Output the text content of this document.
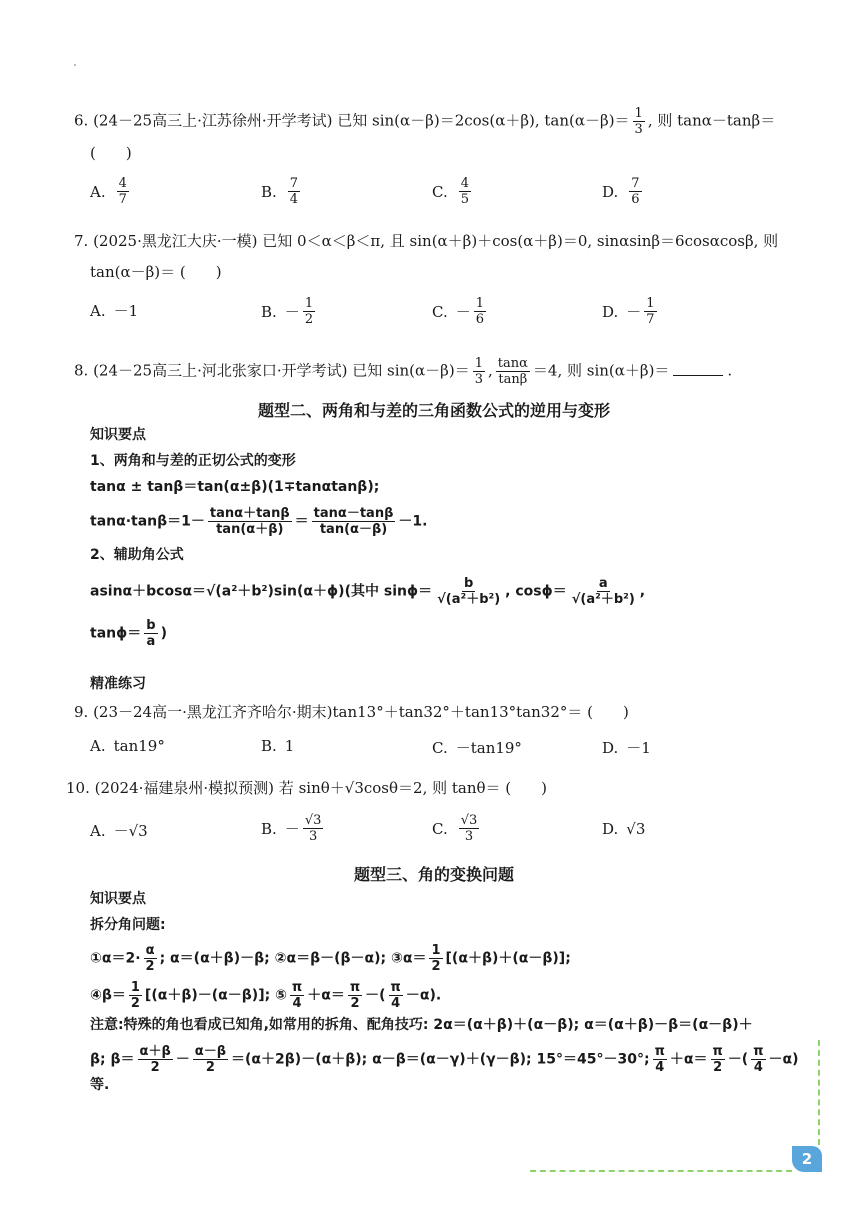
6. (24－25高三上·江苏徐州·开学考试) 已知 sin(α－β)＝2cos(α＋β), $\tan(\alpha-\beta)= \frac{1}{3}$ , 则 tanα－tanβ＝
(　　)
A. $\frac{4}{7}$	B. $\frac{7}{4}$	C. $\frac{4}{5}$	D. $\frac{7}{6}$
7. (2025·黑龙江大庆·一模) 已知 0＜α＜β＜π, 且 sin(α＋β)＋cos(α＋β)＝0, sinαsinβ＝6cosαcosβ, 则
tan(α－β)＝ (　　)
A. －1	B. － $\frac{1}{2}$	C. － $\frac{1}{6}$	D. － $\frac{1}{7}$
8. (24－25高三上·河北张家口·开学考试) 已知 $\sin(\alpha-\beta)= \frac{1}{3}$ , $\frac{\tan\alpha}{\tan\beta} =4$, 则 sin(α＋β)＝	.
题型二、两角和与差的三角函数公式的逆用与变形
知识要点
1、两角和与差的正切公式的变形
tanα ± tanβ＝tan(α±β)(1∓tanαtanβ);
$\tan\alpha\cdot\tan\beta=1- \frac{\tan\alpha+\tan\beta}{\tan(\alpha+\beta)} = \frac{\tan\alpha-\tan\beta}{\tan(\alpha-\beta)} -1$.
2、辅助角公式
asinα＋bcosα＝√(a²＋b²)sin(α＋ϕ)(其中 $\sin\phi= \frac{b}{\text{√(a²＋b²)}}$ , $\cos\phi= \frac{a}{\text{√(a²＋b²)}}$ ,
$\tan\phi= \frac{b}{a}$ )
精准练习
9. (23－24高一·黑龙江齐齐哈尔·期末)tan13°＋tan32°＋tan13°tan32°＝ (　　)
A. tan19°	B. 1	C. －tan19°	D. －1
10. (2024·福建泉州·模拟预测) 若 sinθ＋√3cosθ＝2, 则 tanθ＝ (　　)
A. －√3	B. － $\frac{√3}{3}$	C. $\frac{√3}{3}$	D. √3
题型三、角的变换问题
知识要点
拆分角问题:
①α＝2· $\frac{\alpha}{2}$ ; α＝(α＋β)－β; ②α＝β－(β－α); ③α＝ $\frac{1}{2} [(\alpha+\beta)+(\alpha-\beta)]$;
④β＝ $\frac{1}{2} [(\alpha+\beta)-(\alpha-\beta)]$; ⑤ $\frac{\pi}{4} +\alpha= \frac{\pi}{2}$ －( $\frac{\pi}{4} -\alpha$).
注意:特殊的角也看成已知角,如常用的拆角、配角技巧: 2α＝(α＋β)＋(α－β); α＝(α＋β)－β＝(α－β)＋
β; $\beta= \frac{\alpha+\beta}{2} - \frac{\alpha-\beta}{2} =(\alpha+2\beta)-(\alpha+\beta)$; α－β＝(α－γ)＋(γ－β); 15°＝45°－30°; $\frac{\pi}{4} +\alpha= \frac{\pi}{2}$ －( $\frac{\pi}{4} -\alpha$)
等.
2
